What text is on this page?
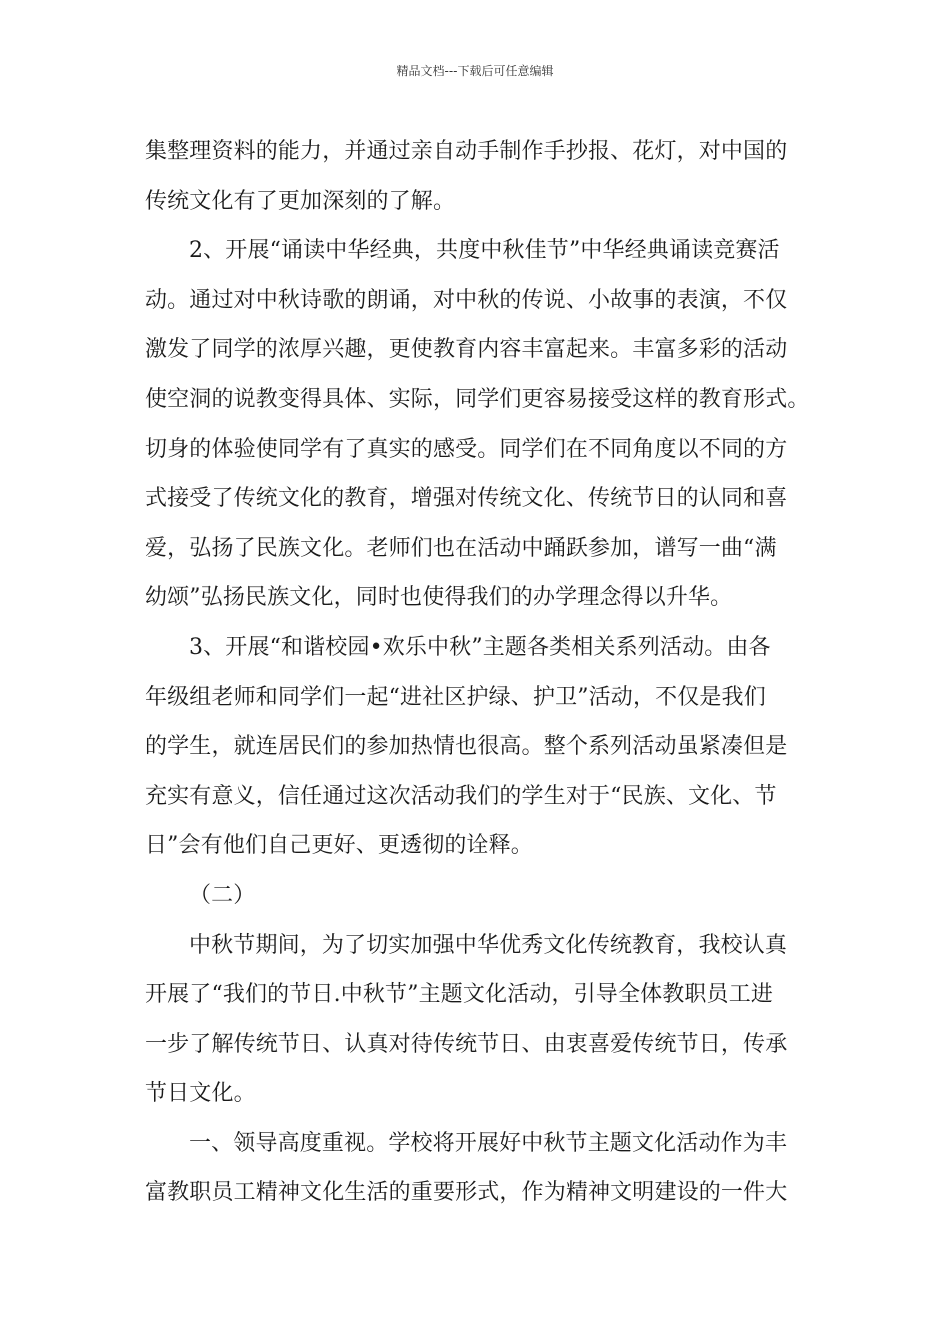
精品文档---下载后可任意编辑
集整理资料的能力，并通过亲自动手制作手抄报、花灯，对中国的
传统文化有了更加深刻的了解。
2、开展“诵读中华经典，共度中秋佳节”中华经典诵读竞赛活
动。通过对中秋诗歌的朗诵，对中秋的传说、小故事的表演，不仅
激发了同学的浓厚兴趣，更使教育内容丰富起来。丰富多彩的活动
使空洞的说教变得具体、实际，同学们更容易接受这样的教育形式。
切身的体验使同学有了真实的感受。同学们在不同角度以不同的方
式接受了传统文化的教育，增强对传统文化、传统节日的认同和喜
爱，弘扬了民族文化。老师们也在活动中踊跃参加，谱写一曲“满
幼颂”弘扬民族文化，同时也使得我们的办学理念得以升华。
3、开展“和谐校园•欢乐中秋”主题各类相关系列活动。由各
年级组老师和同学们一起“进社区护绿、护卫”活动，不仅是我们
的学生，就连居民们的参加热情也很高。整个系列活动虽紧凑但是
充实有意义，信任通过这次活动我们的学生对于“民族、文化、节
日”会有他们自己更好、更透彻的诠释。
（二）
中秋节期间，为了切实加强中华优秀文化传统教育，我校认真
开展了“我们的节日.中秋节”主题文化活动，引导全体教职员工进
一步了解传统节日、认真对待传统节日、由衷喜爱传统节日，传承
节日文化。
一、领导高度重视。学校将开展好中秋节主题文化活动作为丰
富教职员工精神文化生活的重要形式，作为精神文明建设的一件大
